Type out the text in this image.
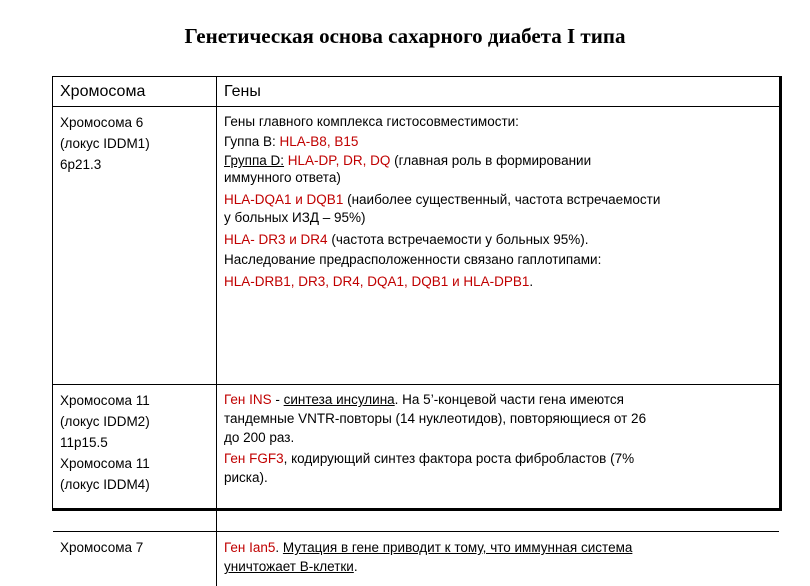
Генетическая основа сахарного диабета I типа
Хромосома	Гены
Хромосома 6
(локус IDDM1)
6p21.3
Гены главного комплекса гистосовместимости:
Гуппа B: HLA-B8, B15
Группа D: HLA-DP, DR, DQ (главная роль в формировании
иммунного ответа)
HLA-DQA1 и DQB1 (наиболее существенный, частота встречаемости
у больных ИЗД – 95%)
HLA- DR3 и DR4 (частота встречаемости у больных 95%).
Наследование предрасположенности связано гаплотипами:
HLA-DRB1, DR3, DR4, DQA1, DQB1 и HLA-DPB1.
Хромосома 11
(локус IDDM2)
11p15.5
Хромосома 11
(локус IDDM4)
Ген INS - синтеза инсулина. На 5’-концевой части гена имеются
тандемные VNTR-повторы (14 нуклеотидов), повторяющиеся от 26
до 200 раз.
Ген FGF3, кодирующий синтез фактора роста фибробластов (7%
риска).
Хромосома 7	Ген Ian5. Мутация в гене приводит к тому, что иммунная система
уничтожает В-клетки.
